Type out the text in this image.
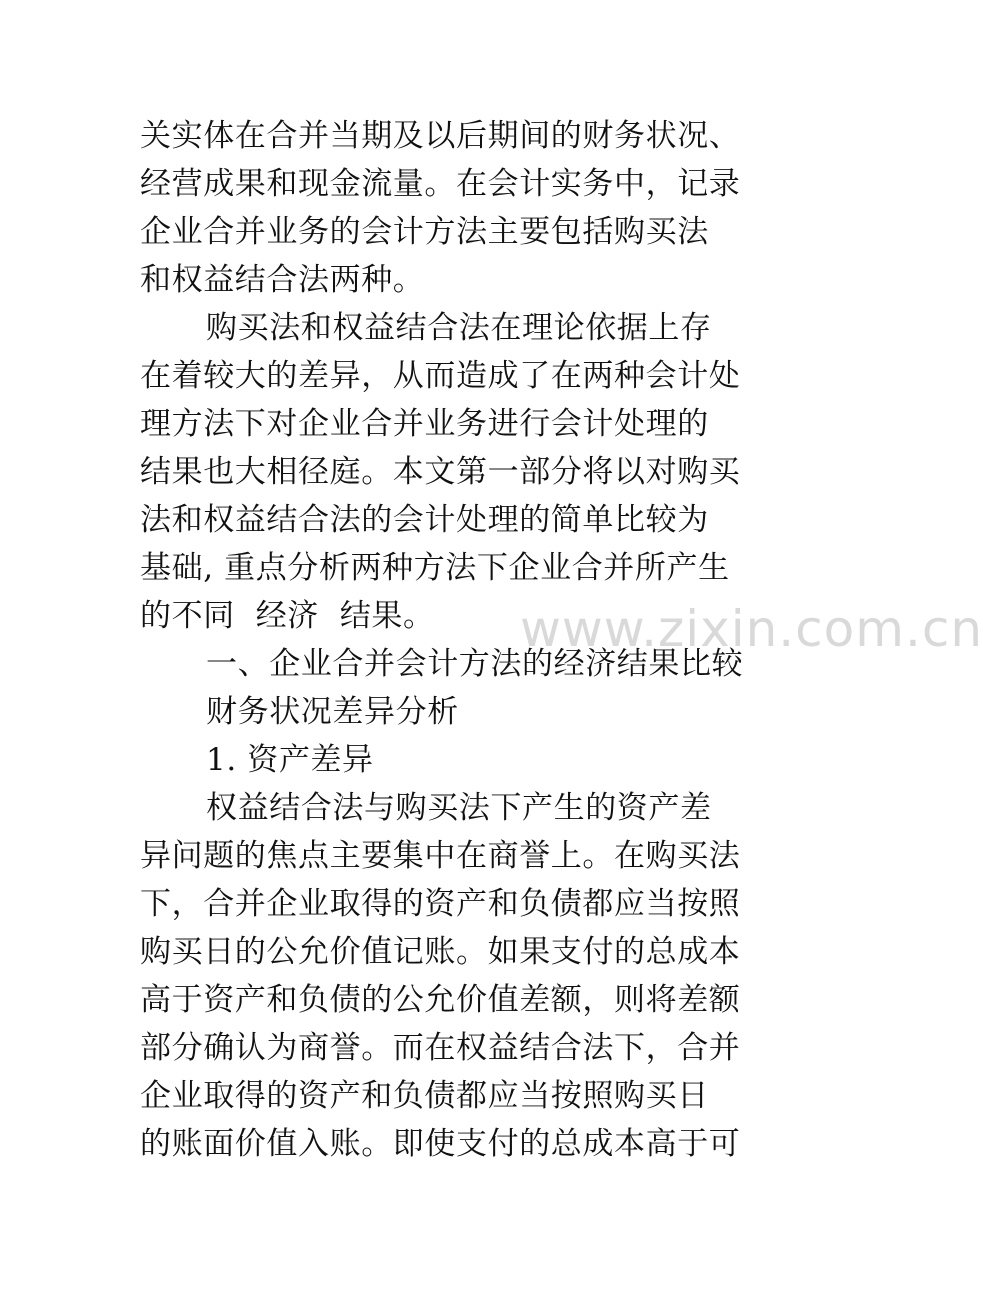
www.zixin.com.cn
关实体在合并当期及以后期间的财务状况、
经营成果和现金流量。在会计实务中，记录
企业合并业务的会计方法主要包括购买法
和权益结合法两种。
购买法和权益结合法在理论依据上存
在着较大的差异，从而造成了在两种会计处
理方法下对企业合并业务进行会计处理的
结果也大相径庭。本文第一部分将以对购买
法和权益结合法的会计处理的简单比较为
基础, 重点分析两种方法下企业合并所产生
的不同  经济  结果。
一、企业合并会计方法的经济结果比较
财务状况差异分析
1. 资产差异
权益结合法与购买法下产生的资产差
异问题的焦点主要集中在商誉上。在购买法
下，合并企业取得的资产和负债都应当按照
购买日的公允价值记账。如果支付的总成本
高于资产和负债的公允价值差额，则将差额
部分确认为商誉。而在权益结合法下，合并
企业取得的资产和负债都应当按照购买日
的账面价值入账。即使支付的总成本高于可
